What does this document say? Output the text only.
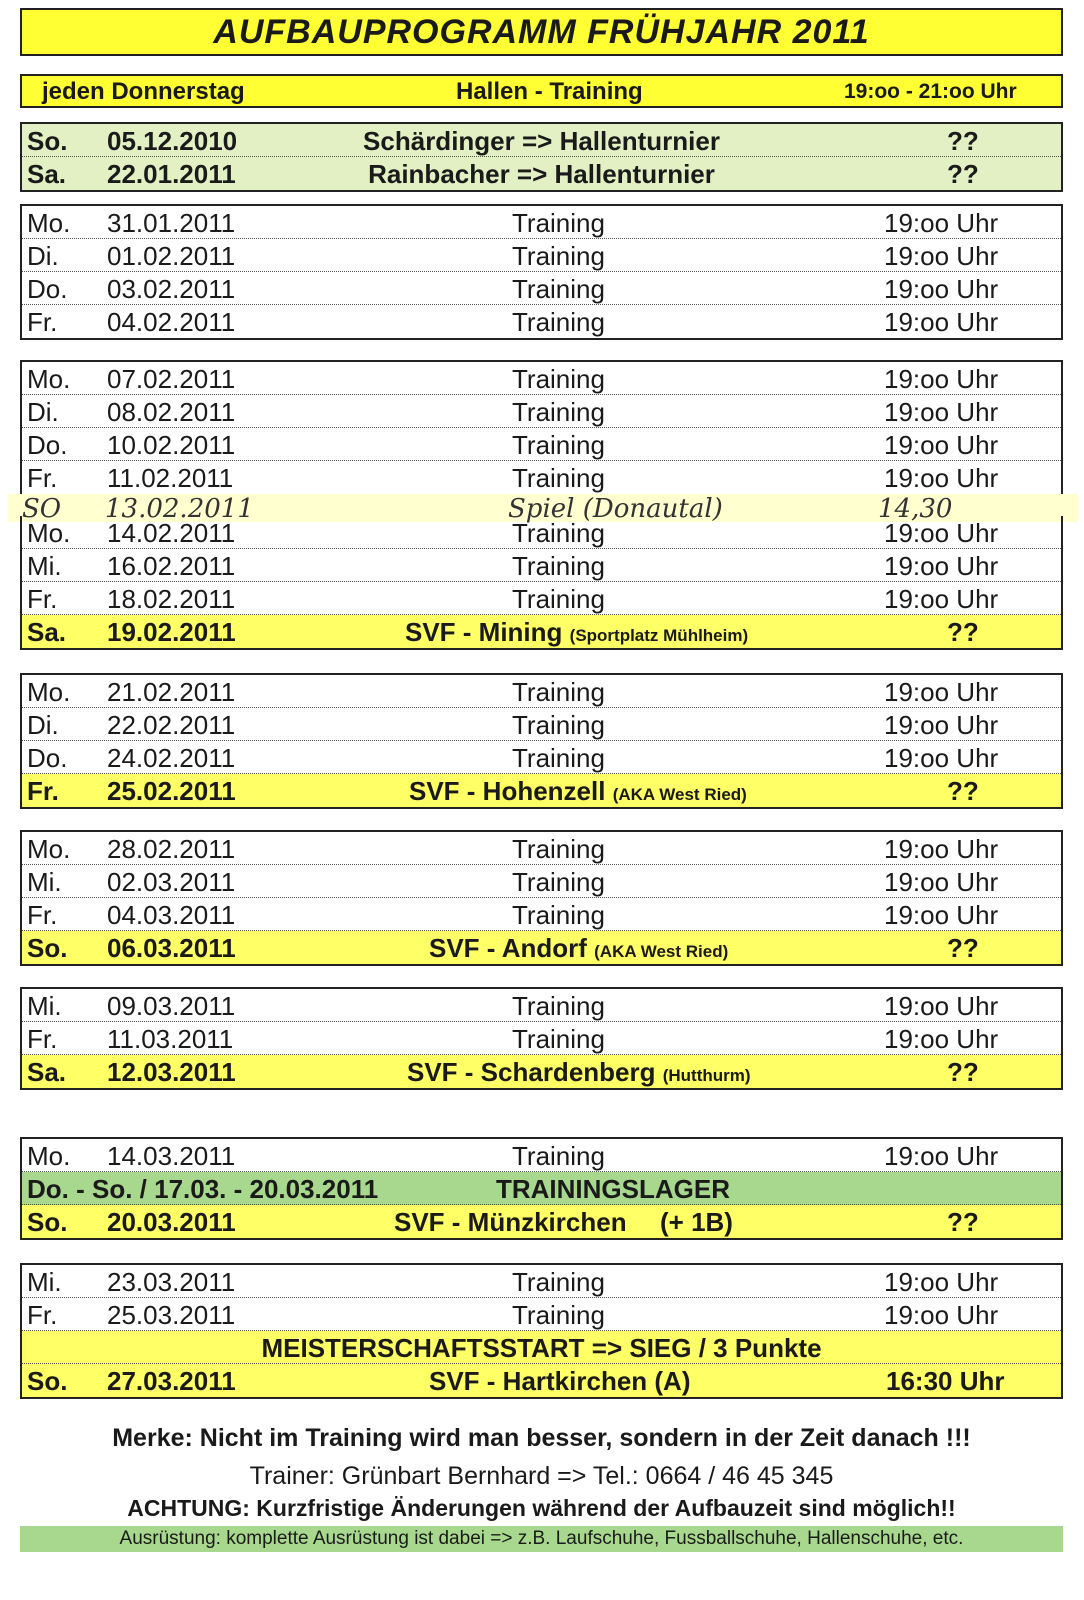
AUFBAUPROGRAMM FRÜHJAHR 2011
jeden Donnerstag	Hallen - Training	19:oo - 21:oo Uhr
So. 05.12.2010	Schärdinger => Hallenturnier	??
Sa. 22.01.2011	Rainbacher => Hallenturnier	??
Mo. 31.01.2011	Training	19:oo Uhr
Di. 01.02.2011	Training	19:oo Uhr
Do. 03.02.2011	Training	19:oo Uhr
Fr. 04.02.2011	Training	19:oo Uhr
Mo. 07.02.2011	Training	19:oo Uhr
Di. 08.02.2011	Training	19:oo Uhr
Do. 10.02.2011	Training	19:oo Uhr
Fr. 11.02.2011	Training	19:oo Uhr
SO 13.02.2011	Spiel (Donautal)	14,30
Mo. 14.02.2011	Training	19:oo Uhr
Mi. 16.02.2011	Training	19:oo Uhr
Fr. 18.02.2011	Training	19:oo Uhr
Sa. 19.02.2011	SVF - Mining (Sportplatz Mühlheim)	??
Mo. 21.02.2011	Training	19:oo Uhr
Di. 22.02.2011	Training	19:oo Uhr
Do. 24.02.2011	Training	19:oo Uhr
Fr. 25.02.2011	SVF - Hohenzell (AKA West Ried)	??
Mo. 28.02.2011	Training	19:oo Uhr
Mi. 02.03.2011	Training	19:oo Uhr
Fr. 04.03.2011	Training	19:oo Uhr
So. 06.03.2011	SVF - Andorf (AKA West Ried)	??
Mi. 09.03.2011	Training	19:oo Uhr
Fr. 11.03.2011	Training	19:oo Uhr
Sa. 12.03.2011	SVF - Schardenberg (Hutthurm)	??
Mo. 14.03.2011	Training	19:oo Uhr
Do. - So. / 17.03. - 20.03.2011	TRAININGSLAGER
So. 20.03.2011	SVF - Münzkirchen (+ 1B)	??
Mi. 23.03.2011	Training	19:oo Uhr
Fr. 25.03.2011	Training	19:oo Uhr
MEISTERSCHAFTSSTART => SIEG / 3 Punkte
So. 27.03.2011	SVF - Hartkirchen (A)	16:30 Uhr
Merke: Nicht im Training wird man besser, sondern in der Zeit danach !!!
Trainer: Grünbart Bernhard => Tel.: 0664 / 46 45 345
ACHTUNG: Kurzfristige Änderungen während der Aufbauzeit sind möglich!!
Ausrüstung: komplette Ausrüstung ist dabei => z.B. Laufschuhe, Fussballschuhe, Hallenschuhe, etc.
